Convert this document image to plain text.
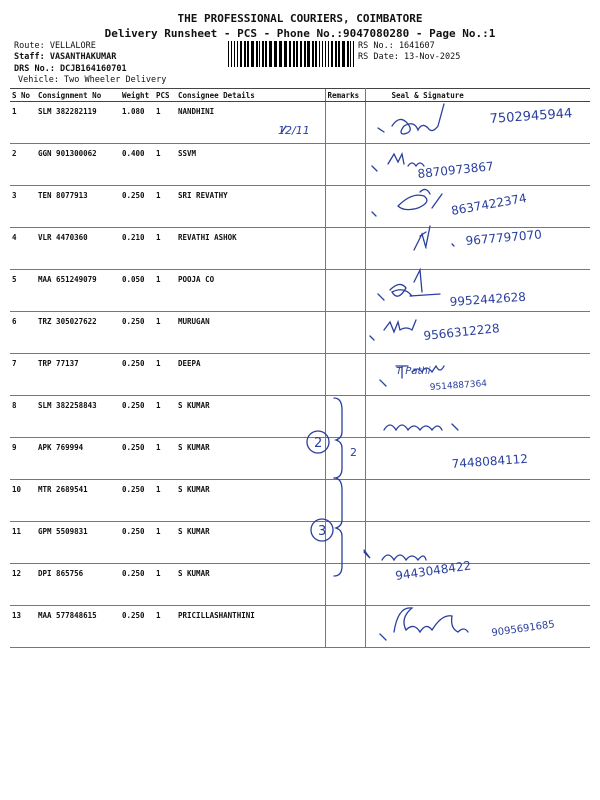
THE PROFESSIONAL COURIERS, COIMBATORE
Delivery Runsheet - PCS - Phone No.:9047080280 - Page No.:1
Route: VELLALORE
Staff: VASANTHAKUMAR
DRS No.: DCJB164160701
Vehicle: Two Wheeler Delivery
RS No.: 1641607
RS Date: 13-Nov-2025
S No	Consignment No	Weight	PCS	Consignee Details	Remarks	Seal & Signature
1	SLM 382282119	1.080	1	NANDHINI		
2	GGN 901300062	0.400	1	SSVM		
3	TEN 8077913	0.250	1	SRI REVATHY		
4	VLR 4470360	0.210	1	REVATHI ASHOK		
5	MAA 651249079	0.050	1	POOJA CO		
6	TRZ 305027622	0.250	1	MURUGAN		
7	TRP 77137	0.250	1	DEEPA		
8	SLM 382258843	0.250	1	S KUMAR		
9	APK 769994	0.250	1	S KUMAR		
10	MTR 2689541	0.250	1	S KUMAR		
11	GPM 5509831	0.250	1	S KUMAR		
12	DPI 865756	0.250	1	S KUMAR		
13	MAA 577848615	0.250	1	PRICILLASHANTHINI		
7502945944
12/11
8870973867
8637422374
9677797070
9952442628
9566312228
T Pathi
9514887364
2
2	7448084112
3
9443048422
9095691685
